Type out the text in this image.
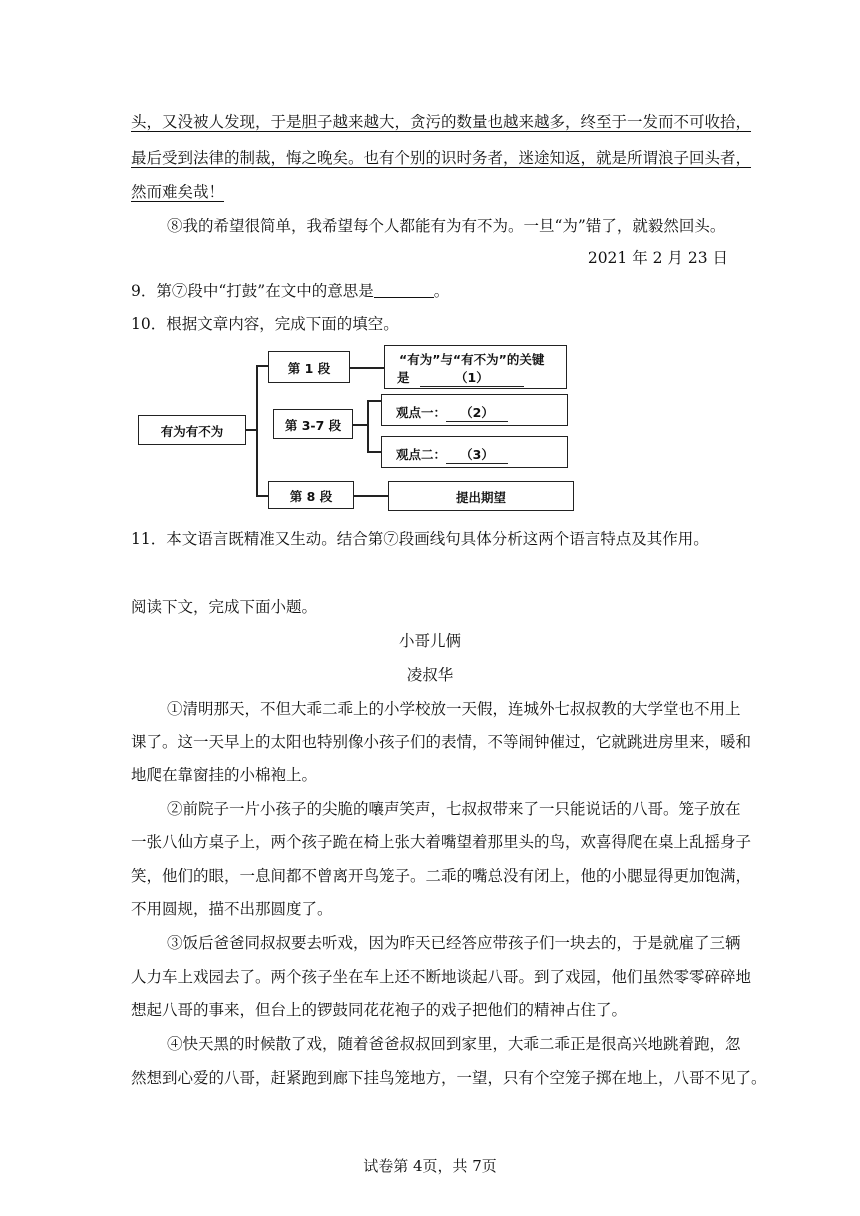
头，又没被人发现，于是胆子越来越大，贪污的数量也越来越多，终至于一发而不可收拾，
最后受到法律的制裁，悔之晚矣。也有个别的识时务者，迷途知返，就是所谓浪子回头者，
然而难矣哉！
⑧我的希望很简单，我希望每个人都能有为有不为。一旦“为”错了，就毅然回头。
2021 年 2 月 23 日
9．第⑦段中“打鼓”在文中的意思是	。
10．根据文章内容，完成下面的填空。
有为有不为
第 1 段
“有为”与“有不为”的关键
是	（1）
第 3-7 段
观点一： （2）
观点二： （3）
第 8 段	提出期望
11．本文语言既精准又生动。结合第⑦段画线句具体分析这两个语言特点及其作用。
阅读下文，完成下面小题。
小哥儿俩
凌叔华
①清明那天，不但大乖二乖上的小学校放一天假，连城外七叔叔教的大学堂也不用上
课了。这一天早上的太阳也特别像小孩子们的表情，不等闹钟催过，它就跳进房里来，暖和
地爬在靠窗挂的小棉袍上。
②前院子一片小孩子的尖脆的嚷声笑声，七叔叔带来了一只能说话的八哥。笼子放在
一张八仙方桌子上，两个孩子跪在椅上张大着嘴望着那里头的鸟，欢喜得爬在桌上乱摇身子
笑，他们的眼，一息间都不曾离开鸟笼子。二乖的嘴总没有闭上，他的小腮显得更加饱满，
不用圆规，描不出那圆度了。
③饭后爸爸同叔叔要去听戏，因为昨天已经答应带孩子们一块去的，于是就雇了三辆
人力车上戏园去了。两个孩子坐在车上还不断地谈起八哥。到了戏园，他们虽然零零碎碎地
想起八哥的事来，但台上的锣鼓同花花袍子的戏子把他们的精神占住了。
④快天黑的时候散了戏，随着爸爸叔叔回到家里，大乖二乖正是很高兴地跳着跑，忽
然想到心爱的八哥，赶紧跑到廊下挂鸟笼地方，一望，只有个空笼子掷在地上，八哥不见了。
试卷第 4页，共 7页
